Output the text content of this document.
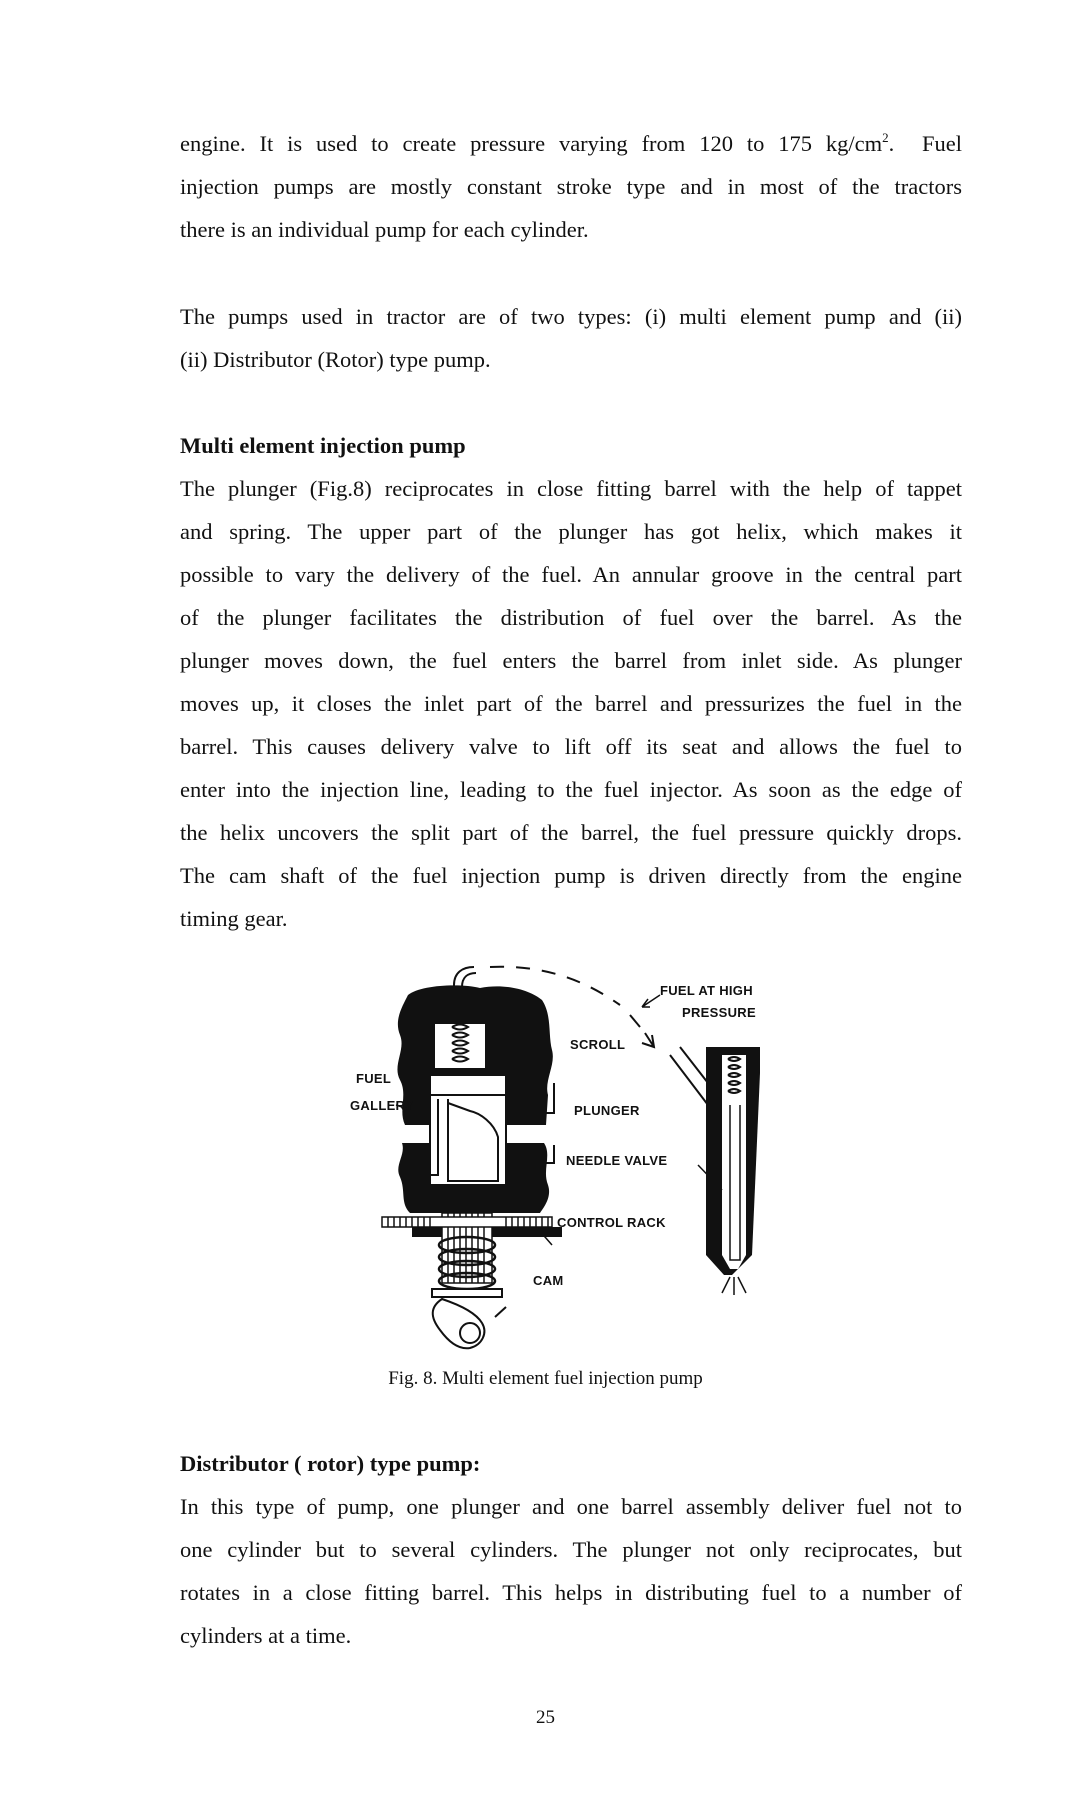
engine. It is used to create pressure varying from 120 to 175 $kg/cm^2$.  Fuel
injection pumps are mostly constant stroke type and in most of the tractors
there is an individual pump for each cylinder.
The pumps used in tractor are of two types: (i) multi element pump and (ii)
(ii) Distributor (Rotor) type pump.
Multi element injection pump
The plunger (Fig.8) reciprocates in close fitting barrel with the help of tappet
and spring. The upper part of the plunger has got helix, which makes it
possible to vary the delivery of the fuel. An annular groove in the central part
of the plunger facilitates the distribution of fuel over the barrel. As the
plunger moves down, the fuel enters the barrel from inlet side. As plunger
moves up, it closes the inlet part of the barrel and pressurizes the fuel in the
barrel. This causes delivery valve to lift off its seat and allows the fuel to
enter into the injection line, leading to the fuel injector. As soon as the edge of
the helix uncovers the split part of the barrel, the fuel pressure quickly drops.
The cam shaft of the fuel injection pump is driven directly from the engine
timing gear.
FUEL AT HIGH
PRESSURE
SCROLL
FUEL
GALLERY	PLUNGER
NEEDLE VALVE
CONTROL RACK
CAM
Fig. 8. Multi element fuel injection pump
Distributor ( rotor) type pump:
In this type of pump, one plunger and one barrel assembly deliver fuel not to
one cylinder but to several cylinders. The plunger not only reciprocates, but
rotates in a close fitting barrel. This helps in distributing fuel to a number of
cylinders at a time.
25
